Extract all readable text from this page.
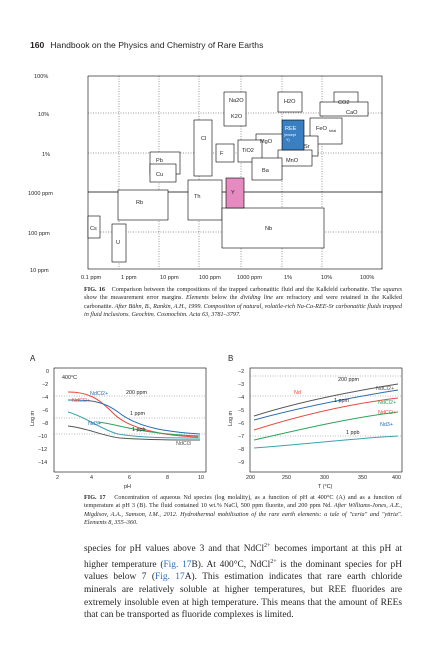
160 Handbook on the Physics and Chemistry of Rare Earths
100%
10%
1%
1000 ppm
100 ppm
10 ppm
0.1 ppm	1 ppm	10 ppm	100 ppm	1000 ppm	1%	10%	100%
Na2O
K2O
H2O	CO2
CaO
FeO total
REE
(except
Y)
MgO
TiO2
Sr
MnO
Ba
Cl
F
Pb
Cu
Th
Y
Rb
Nb
Cs
U
FIG. 16 Comparison between the compositions of the trapped carbonatitic fluid and the Kalkfeld carbonatite. The squares show the measurement error margins. Elements below the dividing line are refractory and were retained in the Kalkfed carbonatite. After Bühn, B., Rankin, A.H., 1999. Composition of natural, volatile-rich Na-Ca-REE-Sr carbonatitic fluids trapped in fluid inclusions. Geochim. Cosmochim. Acta 63, 3781–3797.
A
400°C
200 ppm
1 ppm
1 ppb
NdCl2+
NdCl2+
Nd3+
NdCl3
0
−2
−4
−6
−8
−10
−12
−14
2	4	6	8	10
pH
Log m
B
200 ppm
1 ppm
1 ppb
Nd
NdCl2+
NdCl2+
NdCl2+
Nd3+
−2
−3
−4
−5
−6
−7
−8
−9
200	250	300	350	400
T (°C)
Log m
FIG. 17 Concentration of aqueous Nd species (log molality), as a function of pH at 400°C (A) and as a function of temperature at pH 3 (B). The fluid contained 10 wt.% NaCl, 500 ppm fluorite, and 200 ppm Nd. After Williams-Jones, A.E., Migdisov, A.A., Samson, I.M., 2012. Hydrothermal mobilisation of the rare earth elements: a tale of "ceria" and "yttria". Elements 8, 355–360.
species for pH values above 3 and that NdCl$^{2+}$ becomes important at this pH at higher temperature (Fig. 17B). At 400°C, NdCl$^{2+}$ is the dominant species for pH values below 7 (Fig. 17A). This estimation indicates that rare earth chloride minerals are relatively soluble at higher temperatures, but REE fluorides are extremely insoluble even at high temperature. This means that the amount of REEs that can be transported as fluoride complexes is limited.
